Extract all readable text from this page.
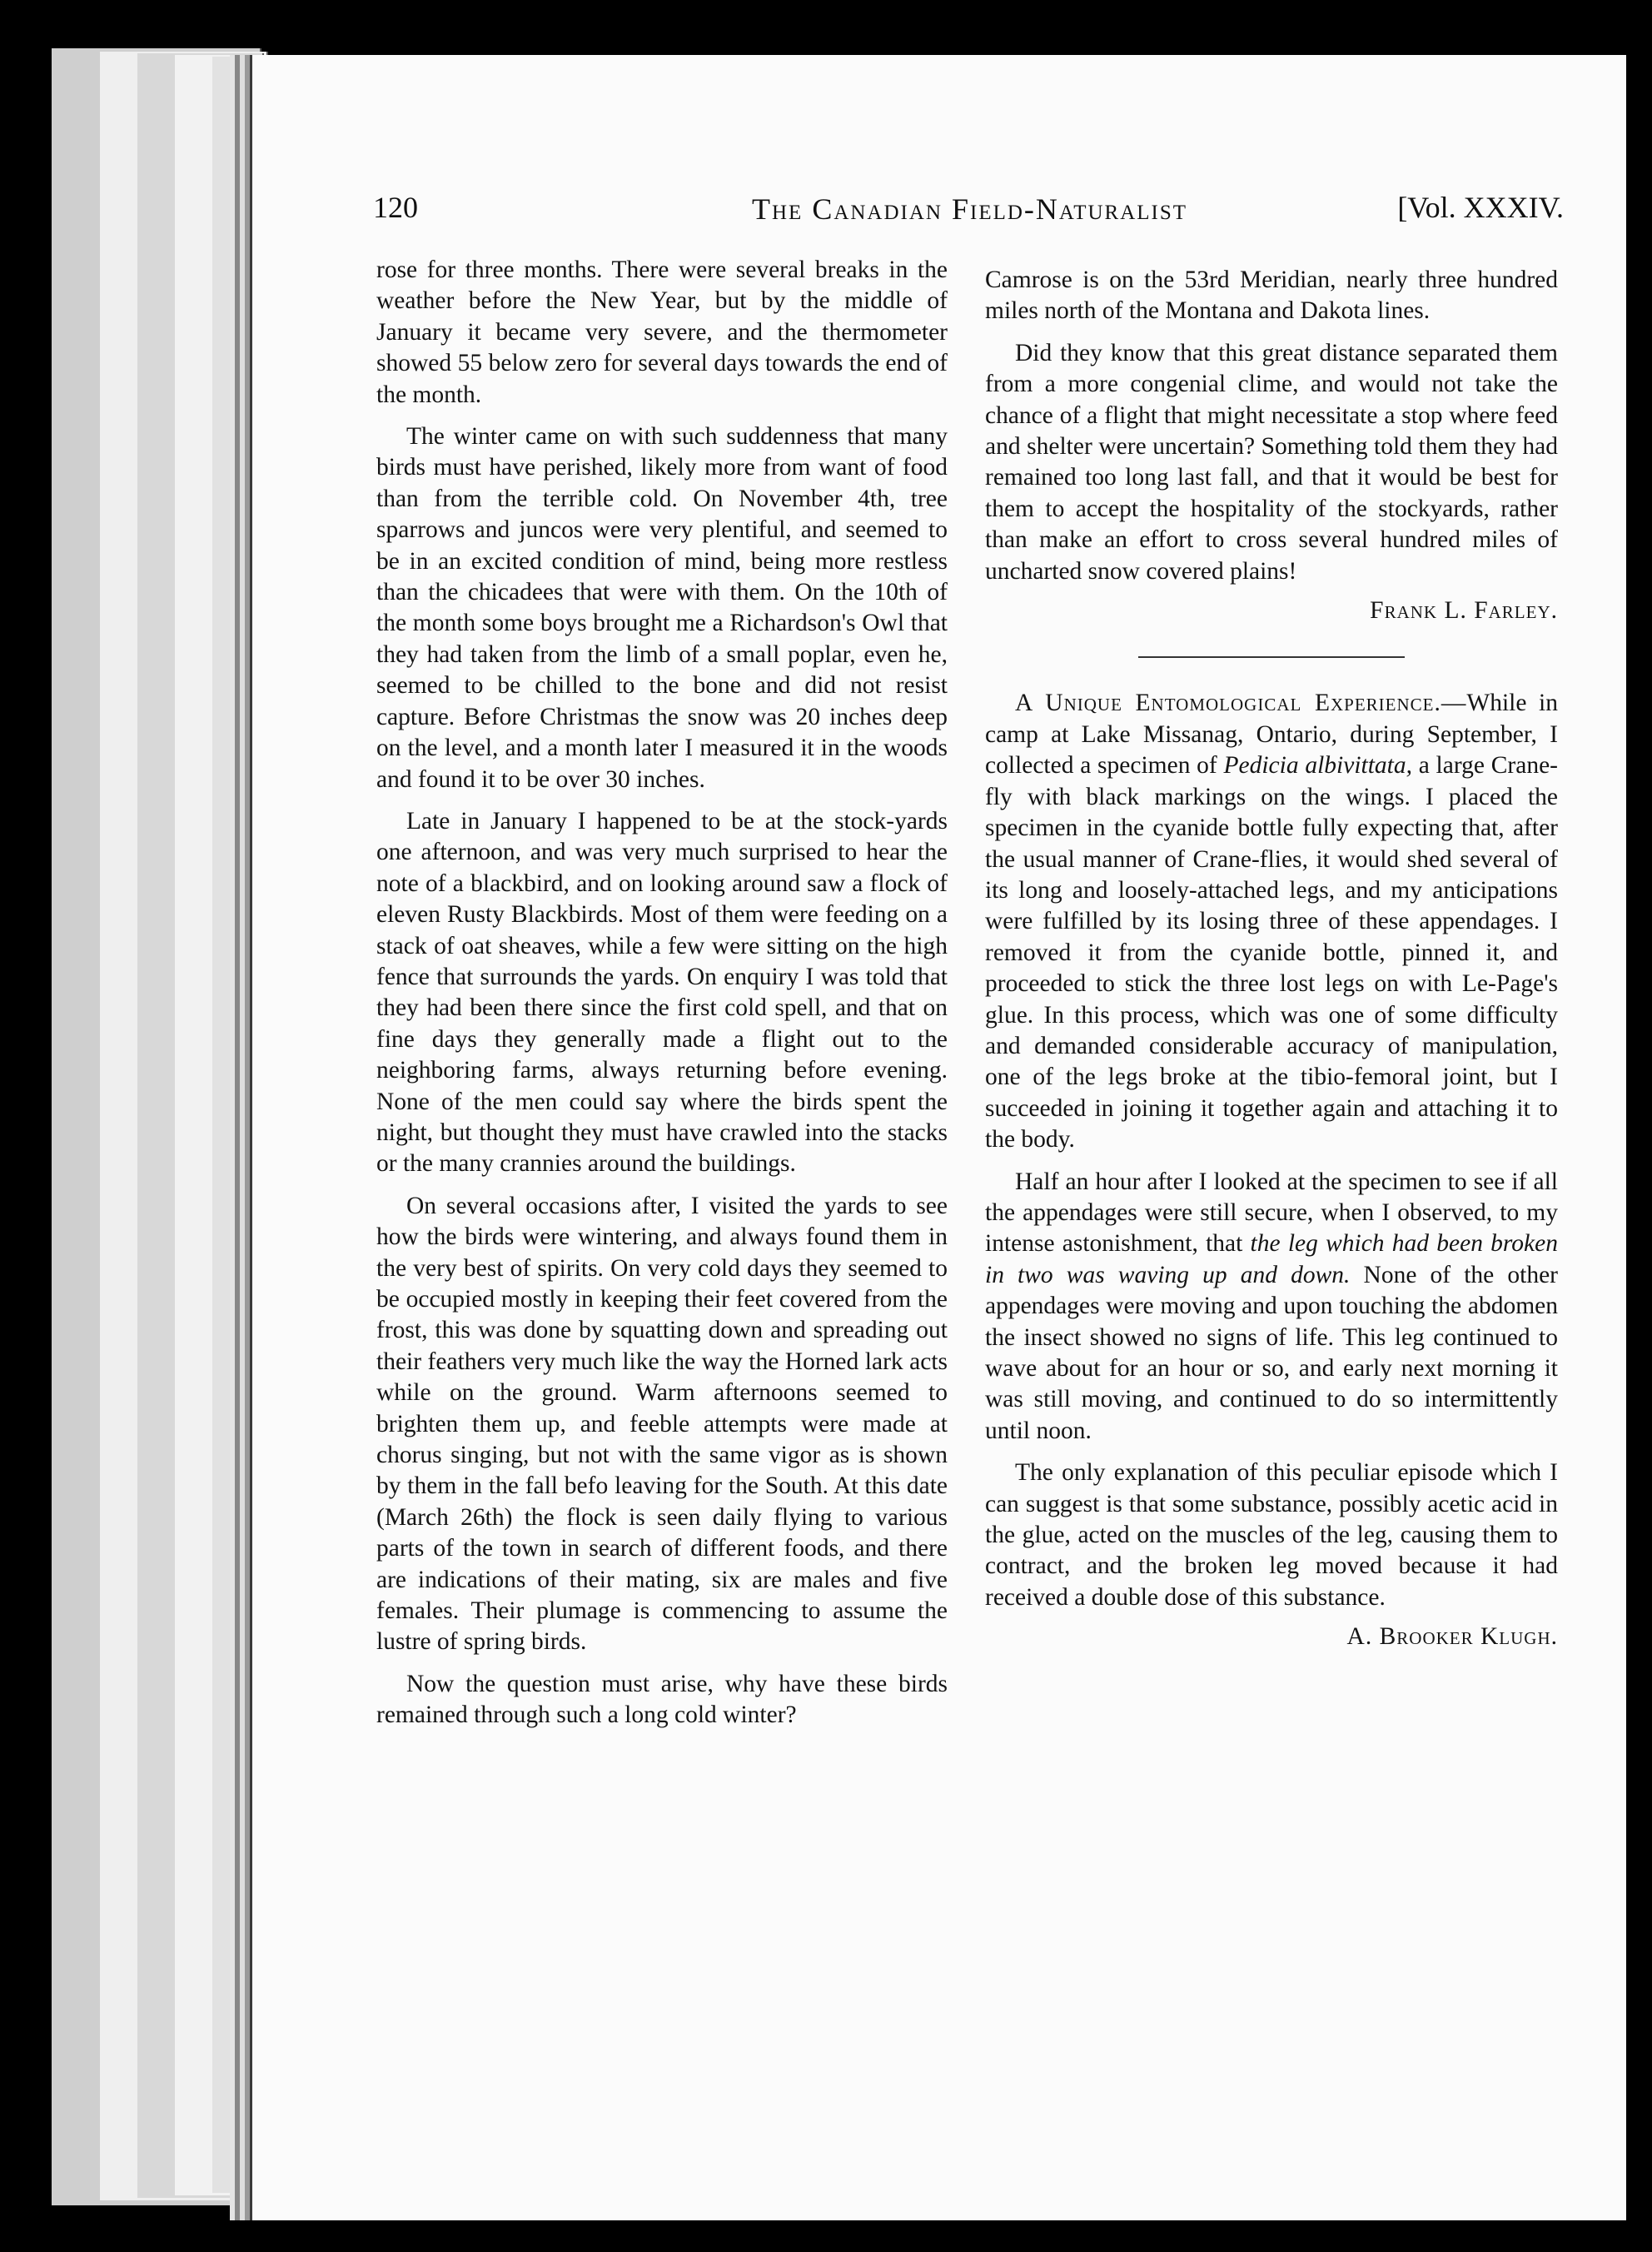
120	The Canadian Field-Naturalist	[Vol. XXXIV.

rose for three months. There were several breaks in the weather before the New Year, but by the middle of January it became very severe, and the thermometer showed 55 below zero for several days towards the end of the month.

The winter came on with such suddenness that many birds must have perished, likely more from want of food than from the terrible cold. On November 4th, tree sparrows and juncos were very plentiful, and seemed to be in an excited condition of mind, being more restless than the chicadees that were with them. On the 10th of the month some boys brought me a Richardson's Owl that they had taken from the limb of a small poplar, even he, seemed to be chilled to the bone and did not resist capture. Before Christmas the snow was 20 inches deep on the level, and a month later I measured it in the woods and found it to be over 30 inches.

Late in January I happened to be at the stock-yards one afternoon, and was very much surprised to hear the note of a blackbird, and on looking around saw a flock of eleven Rusty Blackbirds. Most of them were feeding on a stack of oat sheaves, while a few were sitting on the high fence that surrounds the yards. On enquiry I was told that they had been there since the first cold spell, and that on fine days they generally made a flight out to the neighboring farms, always returning before evening. None of the men could say where the birds spent the night, but thought they must have crawled into the stacks or the many crannies around the buildings.

On several occasions after, I visited the yards to see how the birds were wintering, and always found them in the very best of spirits. On very cold days they seemed to be occupied mostly in keeping their feet covered from the frost, this was done by squatting down and spreading out their feathers very much like the way the Horned lark acts while on the ground. Warm afternoons seemed to brighten them up, and feeble attempts were made at chorus singing, but not with the same vigor as is shown by them in the fall befo leaving for the South. At this date (March 26th) the flock is seen daily flying to various parts of the town in search of different foods, and there are indications of their mating, six are males and five females. Their plumage is commencing to assume the lustre of spring birds.

Now the question must arise, why have these birds remained through such a long cold winter?

Camrose is on the 53rd Meridian, nearly three hundred miles north of the Montana and Dakota lines.

Did they know that this great distance separated them from a more congenial clime, and would not take the chance of a flight that might necessitate a stop where feed and shelter were uncertain? Something told them they had remained too long last fall, and that it would be best for them to accept the hospitality of the stockyards, rather than make an effort to cross several hundred miles of uncharted snow covered plains!

Frank L. Farley.

A Unique Entomological Experience.—While in camp at Lake Missanag, Ontario, during September, I collected a specimen of Pedicia albivittata, a large Crane-fly with black markings on the wings. I placed the specimen in the cyanide bottle fully expecting that, after the usual manner of Crane-flies, it would shed several of its long and loosely-attached legs, and my anticipations were fulfilled by its losing three of these appendages. I removed it from the cyanide bottle, pinned it, and proceeded to stick the three lost legs on with Le-Page's glue. In this process, which was one of some difficulty and demanded considerable accuracy of manipulation, one of the legs broke at the tibio-femoral joint, but I succeeded in joining it together again and attaching it to the body.

Half an hour after I looked at the specimen to see if all the appendages were still secure, when I observed, to my intense astonishment, that the leg which had been broken in two was waving up and down. None of the other appendages were moving and upon touching the abdomen the insect showed no signs of life. This leg continued to wave about for an hour or so, and early next morning it was still moving, and continued to do so intermittently until noon.

The only explanation of this peculiar episode which I can suggest is that some substance, possibly acetic acid in the glue, acted on the muscles of the leg, causing them to contract, and the broken leg moved because it had received a double dose of this substance.

A. Brooker Klugh.
